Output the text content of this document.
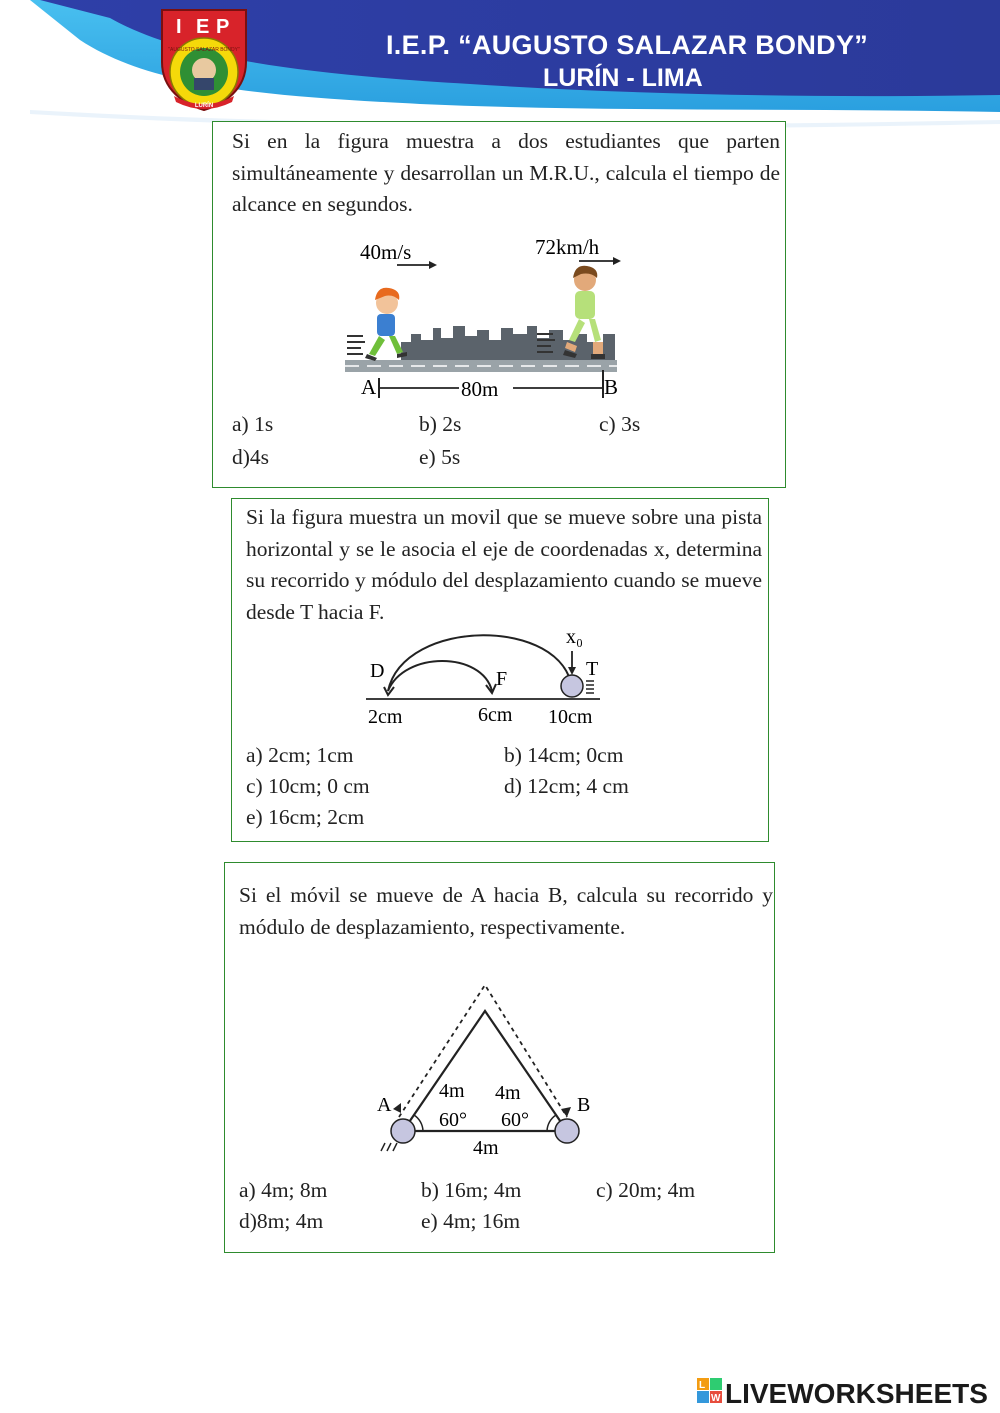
I E P
"AUGUSTO SALAZAR BONDY"
LURÍN
I.E.P. “AUGUSTO SALAZAR BONDY”
LURÍN - LIMA
Si en la figura muestra a dos estudiantes que parten simultáneamente y desarrollan un M.R.U., calcula el tiempo de alcance en segundos.
40m/s	72km/h
A	80m	B
a) 1s	b) 2s	c) 3s
d)4s	e) 5s
Si la figura muestra un movil que se mueve sobre una pista horizontal y se le asocia el eje de coordenadas x, determina su recorrido y módulo del desplazamiento cuando se mueve desde T hacia F.
x₀
D	F	T
2cm	6cm 10cm
a) 2cm; 1cm	b) 14cm; 0cm
c) 10cm; 0 cm	d) 12cm; 4 cm
e) 16cm; 2cm
Si el móvil se mueve de A hacia B, calcula su recorrido y módulo de desplazamiento, respectivamente.
A	B
4m 4m
60° 60°
4m
a) 4m; 8m	b) 16m; 4m	c) 20m; 4m
d)8m; 4m	e) 4m; 16m
L
W LIVEWORKSHEETS
